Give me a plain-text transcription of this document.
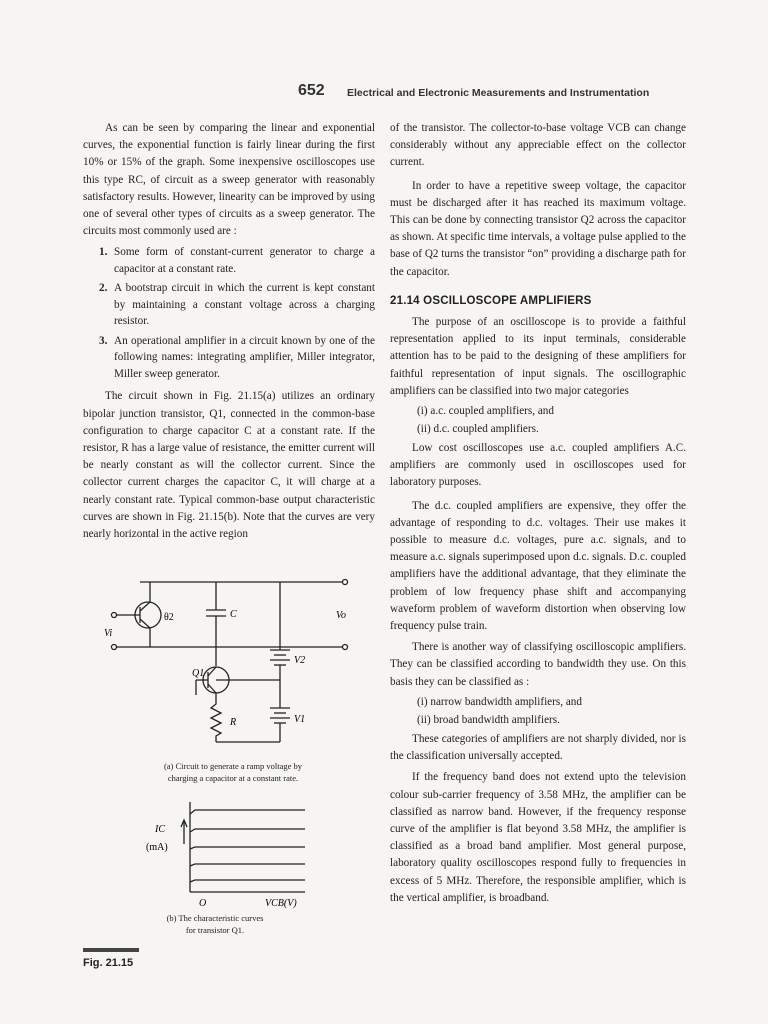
652 Electrical and Electronic Measurements and Instrumentation

As can be seen by comparing the linear and exponential curves, the exponential function is fairly linear during the first 10% or 15% of the graph. Some inexpensive oscilloscopes use this type RC, of circuit as a sweep generator with reasonably satisfactory results. However, linearity can be improved by using one of several other types of circuits as a sweep generator. The circuits most commonly used are :

1. Some form of constant-current generator to charge a capacitor at a constant rate.
2. A bootstrap circuit in which the current is kept constant by maintaining a constant voltage across a charging resistor.
3. An operational amplifier in a circuit known by one of the following names: integrating amplifier, Miller integrator, Miller sweep generator.

The circuit shown in Fig. 21.15(a) utilizes an ordinary bipolar junction transistor, Q1, connected in the common-base configuration to charge capacitor C at a constant rate. If the resistor, R has a large value of resistance, the emitter current will be nearly constant as will the collector current. Since the collector current charges the capacitor C, it will charge at a nearly constant rate. Typical common-base output characteristic curves are shown in Fig. 21.15(b). Note that the curves are very nearly horizontal in the active region

of the transistor. The collector-to-base voltage VCB can change considerably without any appreciable effect on the collector current.

In order to have a repetitive sweep voltage, the capacitor must be discharged after it has reached its maximum voltage. This can be done by connecting transistor Q2 across the capacitor as shown. At specific time intervals, a voltage pulse applied to the base of Q2 turns the transistor “on” providing a discharge path for the capacitor.

21.14 OSCILLOSCOPE AMPLIFIERS

The purpose of an oscilloscope is to provide a faithful representation applied to its input terminals, considerable attention has to be paid to the designing of these amplifiers for faithful representation of input signals. The oscillographic amplifiers can be classified into two major categories

(i) a.c. coupled amplifiers, and
(ii) d.c. coupled amplifiers.

Low cost oscilloscopes use a.c. coupled amplifiers A.C. amplifiers are commonly used in oscilloscopes used for laboratory purposes.

The d.c. coupled amplifiers are expensive, they offer the advantage of responding to d.c. voltages. Their use makes it possible to measure d.c. voltages, pure a.c. signals, and to measure a.c. signals superimposed upon d.c. signals. D.c. coupled amplifiers have the additional advantage, that they eliminate the problem of low frequency phase shift and accompanying waveform problem of waveform distortion when observing low frequency pulse train.

There is another way of classifying oscilloscopic amplifiers. They can be classified according to bandwidth they use. On this basis they can be classified as :

(i) narrow bandwidth amplifiers, and
(ii) broad bandwidth amplifiers.

These categories of amplifiers are not sharply divided, nor is the classification universally accepted.

If the frequency band does not extend upto the television colour sub-carrier frequency of 3.58 MHz, the amplifier can be classified as narrow band. However, if the frequency response curve of the amplifier is flat beyond 3.58 MHz, the amplifier is classified as a broad band amplifier. Most general purpose, laboratory quality oscilloscopes respond fully to frequencies in excess of 5 MHz. Therefore, the responsible amplifier, which is the vertical amplifier, is broadband.

θ2	C	Vo
Vi
Q1
V2
R	V1
(a) Circuit to generate a ramp voltage by
charging a capacitor at a constant rate.
IC
(mA)
O	VCB(V)
(b) The characteristic curves
for transistor Q1.
Fig. 21.15
